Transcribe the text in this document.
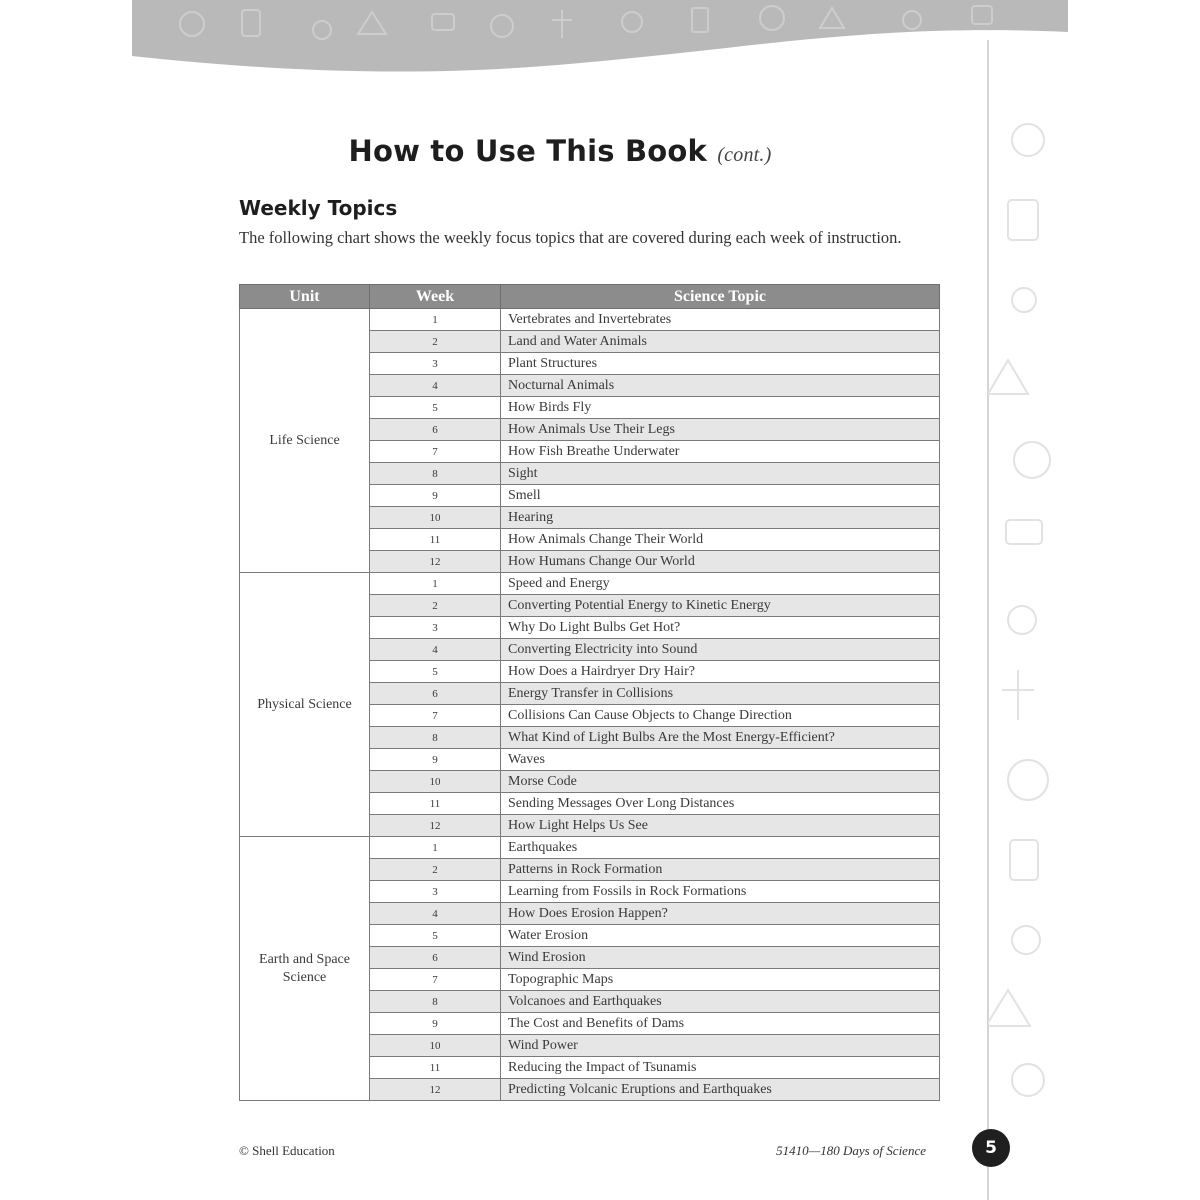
How to Use This Book (cont.)
Weekly Topics
The following chart shows the weekly focus topics that are covered during each week of instruction.
Unit	Week	Science Topic
Life Science	1	Vertebrates and Invertebrates
	2	Land and Water Animals
	3	Plant Structures
	4	Nocturnal Animals
	5	How Birds Fly
	6	How Animals Use Their Legs
	7	How Fish Breathe Underwater
	8	Sight
	9	Smell
	10	Hearing
	11	How Animals Change Their World
	12	How Humans Change Our World
Physical Science	1	Speed and Energy
	2	Converting Potential Energy to Kinetic Energy
	3	Why Do Light Bulbs Get Hot?
	4	Converting Electricity into Sound
	5	How Does a Hairdryer Dry Hair?
	6	Energy Transfer in Collisions
	7	Collisions Can Cause Objects to Change Direction
	8	What Kind of Light Bulbs Are the Most Energy-Efficient?
	9	Waves
	10	Morse Code
	11	Sending Messages Over Long Distances
	12	How Light Helps Us See
Earth and Space Science	1	Earthquakes
	2	Patterns in Rock Formation
	3	Learning from Fossils in Rock Formations
	4	How Does Erosion Happen?
	5	Water Erosion
	6	Wind Erosion
	7	Topographic Maps
	8	Volcanoes and Earthquakes
	9	The Cost and Benefits of Dams
	10	Wind Power
	11	Reducing the Impact of Tsunamis
	12	Predicting Volcanic Eruptions and Earthquakes
© Shell Education	51410—180 Days of Science	5
